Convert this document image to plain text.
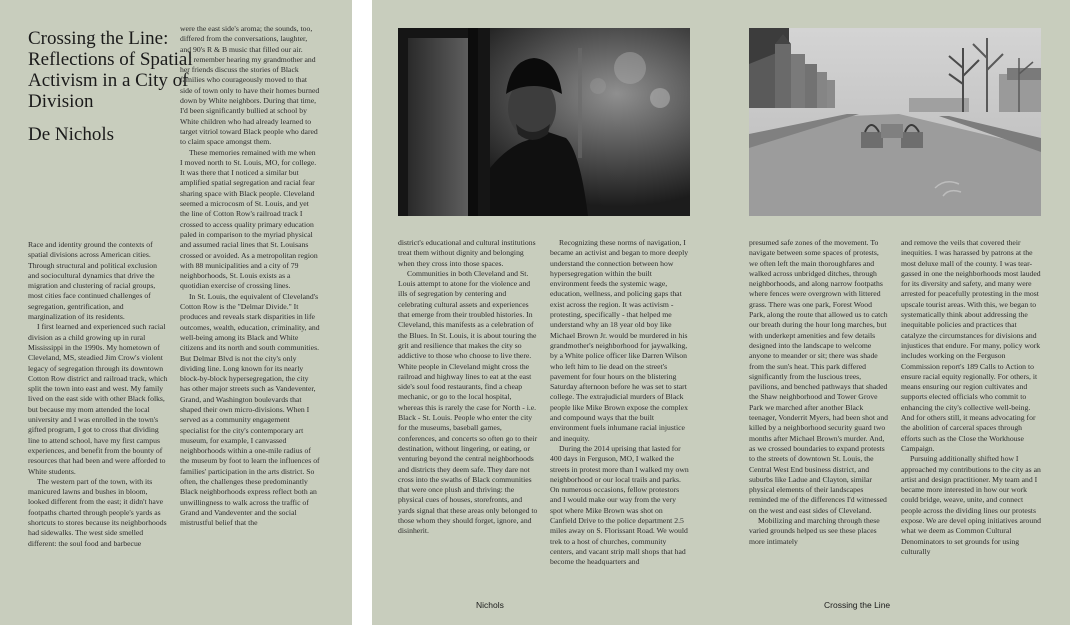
Crossing the Line: Reflections of Spatial Activism in a City of Division
De Nichols

Race and identity ground the contexts of spatial divisions across American cities. Through structural and political exclusion and sociocultural dynamics that drive the migration and clustering of racial groups, most cities face continued challenges of segregation, gentrification, and marginalization of its residents.

I first learned and experienced such racial division as a child growing up in rural Mississippi in the 1990s. My hometown of Cleveland, MS, steadied Jim Crow's violent legacy of segregation through its downtown Cotton Row district and railroad track, which split the town into east and west. My family lived on the east side with other Black folks, but because my mom attended the local university and I was enrolled in the town's gifted program, I got to cross that dividing line to attend school, have my first campus experiences, and benefit from the bounty of resources that had been and were afforded to White students.

The western part of the town, with its manicured lawns and bushes in bloom, looked different from the east; it didn't have footpaths charted through people's yards as shortcuts to stores because its neighborhoods had sidewalks. The west side smelled different: the soul food and barbecue

were the east side's aroma; the sounds, too, differed from the conversations, laughter, and 90's R & B music that filled our air.

I remember hearing my grandmother and her friends discuss the stories of Black families who courageously moved to that side of town only to have their homes burned down by White neighbors. During that time, I'd been significantly bullied at school by White children who had already learned to target vitriol toward Black people who dared to claim space amongst them.

These memories remained with me when I moved north to St. Louis, MO, for college. It was there that I noticed a similar but amplified spatial segregation and racial fear sharing space with Black people. Cleveland seemed a microcosm of St. Louis, and yet the line of Cotton Row's railroad track I crossed to access quality primary education paled in comparison to the myriad physical and assumed racial lines that St. Louisans crossed or avoided. As a metropolitan region with 88 municipalities and a city of 79 neighborhoods, St. Louis exists as a quotidian exercise of crossing lines.

In St. Louis, the equivalent of Cleveland's Cotton Row is the "Delmar Divide." It produces and reveals stark disparities in life outcomes, wealth, education, criminality, and well-being among its Black and White citizens and its north and south communities. But Delmar Blvd is not the city's only dividing line. Long known for its nearly block-by-block hypersegregation, the city has other major streets such as Vandeventer, Grand, and Washington boulevards that shaped their own micro-divisions. When I served as a community engagement specialist for the city's contemporary art museum, for example, I canvassed neighborhoods within a one-mile radius of the museum by foot to learn the influences of families' participation in the arts district. So often, the challenges these predominantly Black neighborhoods express reflect both an unwillingness to walk across the traffic of Grand and Vandeventer and the social mistrustful belief that the

district's educational and cultural institutions treat them without dignity and belonging when they cross into those spaces.

Communities in both Cleveland and St. Louis attempt to atone for the violence and ills of segregation by centering and celebrating cultural assets and experiences that emerge from their troubled histories. In Cleveland, this manifests as a celebration of the Blues. In St. Louis, it is about touring the grit and resilience that makes the city so addictive to those who choose to live there. White people in Cleveland might cross the railroad and highway lines to eat at the east side's soul food restaurants, find a cheap mechanic, or go to the local hospital, whereas this is rarely the case for North - i.e. Black - St. Louis. People who enter the city for the museums, baseball games, conferences, and concerts so often go to their destination, without lingering, or eating, or venturing beyond the central neighborhoods and districts they deem safe. They dare not cross into the swaths of Black communities that were once plush and thriving: the physical cues of houses, storefronts, and yards signal that these areas only belonged to those whom they should forget, ignore, and disinherit.

Recognizing these norms of navigation, I became an activist and began to more deeply understand the connection between how hypersegregation within the built environment feeds the systemic wage, education, wellness, and policing gaps that exist across the region. It was activism - protesting, specifically - that helped me understand why an 18 year old boy like Michael Brown Jr. would be murdered in his grandmother's neighborhood for jaywalking, by a White police officer like Darren Wilson who left him to lie dead on the street's pavement for four hours on the blistering Saturday afternoon before he was set to start college. The extrajudicial murders of Black people like Mike Brown expose the complex and compound ways that the built environment fuels inhumane racial injustice and inequity.

During the 2014 uprising that lasted for 400 days in Ferguson, MO, I walked the streets in protest more than I walked my own neighborhood or our local trails and parks. On numerous occasions, fellow protestors and I would make our way from the very spot where Mike Brown was shot on Canfield Drive to the police department 2.5 miles away on S. Florissant Road. We would trek to a host of churches, community centers, and vacant strip mall shops that had become the headquarters and

presumed safe zones of the movement. To navigate between some spaces of protests, we often left the main thoroughfares and walked across unbridged ditches, through neighborhoods, and along narrow footpaths where fences were overgrown with littered grass. There was one park, Forest Wood Park, along the route that allowed us to catch our breath during the hour long marches, but with underkept amenities and few details designed into the landscape to welcome anyone to meander or sit; there was shade from the sun's heat. This park differed significantly from the luscious trees, pavilions, and benched pathways that shaded the Shaw neighborhood and Tower Grove Park we marched after another Black teenager, Vonderrit Myers, had been shot and killed by a neighborhood security guard two months after Michael Brown's murder. And, as we crossed boundaries to expand protests to the streets of downtown St. Louis, the Central West End business district, and suburbs like Ladue and Clayton, similar physical elements of their landscapes reminded me of the differences I'd witnessed on the west and east sides of Cleveland.

Mobilizing and marching through these varied grounds helped us see these places more intimately

and remove the veils that covered their inequities. I was harassed by patrons at the most deluxe mall of the county. I was tear-gassed in one the neighborhoods most lauded for its diversity and safety, and many were arrested for peacefully protesting in the most upscale tourist areas. With this, we began to systematically think about addressing the inequitable policies and practices that catalyze the circumstances for divisions and injustices that endure. For many, policy work includes working on the Ferguson Commission report's 189 Calls to Action to ensure racial equity regionally. For others, it means ensuring our region cultivates and supports elected officials who commit to enhancing the city's collective well-being. And for others still, it means advocating for the abolition of carceral spaces through efforts such as the Close the Workhouse Campaign.

Pursuing additionally shifted how I approached my contributions to the city as an artist and design practitioner. My team and I became more interested in how our work could bridge, weave, unite, and connect people across the dividing lines our protests expose. We are devel oping initiatives around what we deem as Common Cultural Denominators to set grounds for using culturally

Nichols	Crossing the Line
